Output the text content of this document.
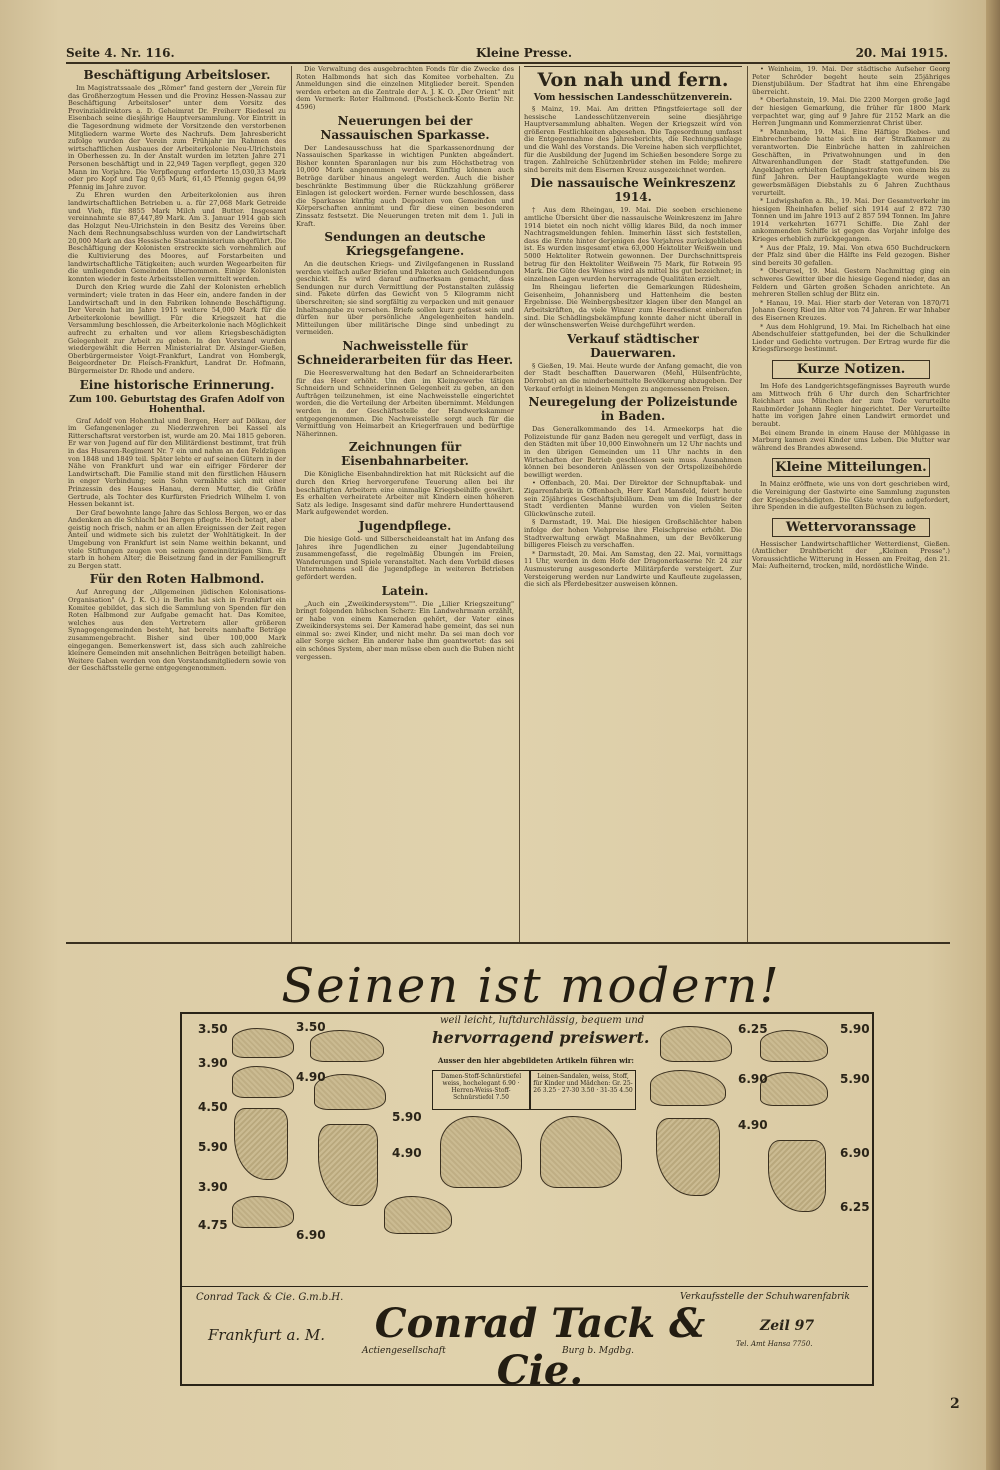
Seite 4. Nr. 116.	Kleine Presse.	20. Mai 1915.
Beschäftigung Arbeitsloser.
Im Magistratssaale des „Römer" fand gestern der „Verein für das Großherzogtum Hessen und die Provinz Hessen-Nassau zur Beschäftigung Arbeitsloser" unter dem Vorsitz des Provinzialdirektors a. D. Geheimrat Dr. Freiherr Riedesel zu Eisenbach seine diesjährige Hauptversammlung. Vor Eintritt in die Tagesordnung widmete der Vorsitzende den verstorbenen Mitgliedern warme Worte des Nachrufs. Dem Jahresbericht zufolge wurden der Verein zum Frühjahr im Rahmen des wirtschaftlichen Ausbaues der Arbeiterkolonie Neu-Ulrichstein in Oberhessen zu. In der Anstalt wurden im letzten Jahre 271 Personen beschäftigt und in 22,949 Tagen verpflegt, gegen 320 Mann im Vorjahre. Die Verpflegung erforderte 15,030,33 Mark oder pro Kopf und Tag 0,65 Mark, 61,45 Pfennig gegen 64,99 Pfennig im Jahre zuvor.
Zu Ehren wurden den Arbeiterkolonien aus ihren landwirtschaftlichen Betrieben u. a. für 27,068 Mark Getreide und Vieh, für 8855 Mark Milch und Butter. Insgesamt vereinnahmte sie 87,447,89 Mark. Am 3. Januar 1914 gab sich das Holzgut Neu-Ulrichstein in den Besitz des Vereins über. Nach dem Rechnungsabschluss wurden von der Landwirtschaft 20,000 Mark an das Hessische Staatsministerium abgeführt. Die Beschäftigung der Kolonisten erstreckte sich vornehmlich auf die Kultivierung des Moores, auf Forstarbeiten und landwirtschaftliche Tätigkeiten; auch wurden Wegearbeiten für die umliegenden Gemeinden übernommen. Einige Kolonisten konnten wieder in feste Arbeitsstellen vermittelt werden.
Durch den Krieg wurde die Zahl der Kolonisten erheblich vermindert; viele traten in das Heer ein, andere fanden in der Landwirtschaft und in den Fabriken lohnende Beschäftigung. Der Verein hat im Jahre 1915 weitere 54,000 Mark für die Arbeiterkolonie bewilligt. Für die Kriegszeit hat die Versammlung beschlossen, die Arbeiterkolonie nach Möglichkeit aufrecht zu erhalten und vor allem Kriegsbeschädigten Gelegenheit zur Arbeit zu geben. In den Vorstand wurden wiedergewählt die Herren Ministerialrat Dr. Alsinger-Gießen, Oberbürgermeister Voigt-Frankfurt, Landrat von Hombergk, Beigeordneter Dr. Fleisch-Frankfurt, Landrat Dr. Hofmann, Bürgermeister Dr. Rhode und andere.
Eine historische Erinnerung.
Zum 100. Geburtstag des Grafen Adolf von Hohenthal.
Graf Adolf von Hohenthal und Bergen, Herr auf Dölkau, der im Gefangenenlager zu Niederzwehren bei Kassel als Ritterschaftsrat verstorben ist, wurde am 20. Mai 1815 geboren. Er war von Jugend auf für den Militärdienst bestimmt, trat früh in das Husaren-Regiment Nr. 7 ein und nahm an den Feldzügen von 1848 und 1849 teil. Später lebte er auf seinen Gütern in der Nähe von Frankfurt und war ein eifriger Förderer der Landwirtschaft. Die Familie stand mit den fürstlichen Häusern in enger Verbindung; sein Sohn vermählte sich mit einer Prinzessin des Hauses Hanau, deren Mutter, die Gräfin Gertrude, als Tochter des Kurfürsten Friedrich Wilhelm I. von Hessen bekannt ist.
Der Graf bewohnte lange Jahre das Schloss Bergen, wo er das Andenken an die Schlacht bei Bergen pflegte. Hoch betagt, aber geistig noch frisch, nahm er an allen Ereignissen der Zeit regen Anteil und widmete sich bis zuletzt der Wohltätigkeit. In der Umgebung von Frankfurt ist sein Name weithin bekannt, und viele Stiftungen zeugen von seinem gemeinnützigen Sinn. Er starb in hohem Alter; die Beisetzung fand in der Familiengruft zu Bergen statt.
Für den Roten Halbmond.
Auf Anregung der „Allgemeinen jüdischen Kolonisations-Organisation" (A. J. K. O.) in Berlin hat sich in Frankfurt ein Komitee gebildet, das sich die Sammlung von Spenden für den Roten Halbmond zur Aufgabe gemacht hat. Das Komitee, welches aus den Vertretern aller größeren Synagogengemeinden besteht, hat bereits namhafte Beträge zusammengebracht. Bisher sind über 100,000 Mark eingegangen. Bemerkenswert ist, dass sich auch zahlreiche kleinere Gemeinden mit ansehnlichen Beiträgen beteiligt haben. Weitere Gaben werden von den Vorstandsmitgliedern sowie von der Geschäftsstelle gerne entgegengenommen.
Die Verwaltung des ausgebrachten Fonds für die Zwecke des Roten Halbmonds hat sich das Komitee vorbehalten. Zu Anmeldungen sind die einzelnen Mitglieder bereit. Spenden werden erbeten an die Zentrale der A. J. K. O. „Der Orient" mit dem Vermerk: Roter Halbmond. (Postscheck-Konto Berlin Nr. 4596)
Neuerungen bei der Nassauischen Sparkasse.
Der Landesausschuss hat die Sparkassenordnung der Nassauischen Sparkasse in wichtigen Punkten abgeändert. Bisher konnten Sparanlagen nur bis zum Höchstbetrag von 10,000 Mark angenommen werden. Künftig können auch Beträge darüber hinaus angelegt werden. Auch die bisher beschränkte Bestimmung über die Rückzahlung größerer Einlagen ist gelockert worden. Ferner wurde beschlossen, dass die Sparkasse künftig auch Depositen von Gemeinden und Körperschaften annimmt und für diese einen besonderen Zinssatz festsetzt. Die Neuerungen treten mit dem 1. Juli in Kraft.
Sendungen an deutsche Kriegsgefangene.
An die deutschen Kriegs- und Zivilgefangenen in Russland werden vielfach außer Briefen und Paketen auch Geldsendungen geschickt. Es wird darauf aufmerksam gemacht, dass Sendungen nur durch Vermittlung der Postanstalten zulässig sind. Pakete dürfen das Gewicht von 5 Kilogramm nicht überschreiten; sie sind sorgfältig zu verpacken und mit genauer Inhaltsangabe zu versehen. Briefe sollen kurz gefasst sein und dürfen nur über persönliche Angelegenheiten handeln. Mitteilungen über militärische Dinge sind unbedingt zu vermeiden.
Nachweisstelle für Schneiderarbeiten für das Heer.
Die Heeresverwaltung hat den Bedarf an Schneiderarbeiten für das Heer erhöht. Um den im Kleingewerbe tätigen Schneidern und Schneiderinnen Gelegenheit zu geben, an den Aufträgen teilzunehmen, ist eine Nachweisstelle eingerichtet worden, die die Verteilung der Arbeiten übernimmt. Meldungen werden in der Geschäftsstelle der Handwerkskammer entgegengenommen. Die Nachweisstelle sorgt auch für die Vermittlung von Heimarbeit an Kriegerfrauen und bedürftige Näherinnen.
Zeichnungen für Eisenbahnarbeiter.
Die Königliche Eisenbahndirektion hat mit Rücksicht auf die durch den Krieg hervorgerufene Teuerung allen bei ihr beschäftigten Arbeitern eine einmalige Kriegsbeihilfe gewährt. Es erhalten verheiratete Arbeiter mit Kindern einen höheren Satz als ledige. Insgesamt sind dafür mehrere Hunderttausend Mark aufgewendet worden.
Jugendpflege.
Die hiesige Gold- und Silberscheideanstalt hat im Anfang des Jahres ihre Jugendlichen zu einer Jugendabteilung zusammengefasst, die regelmäßig Übungen im Freien, Wanderungen und Spiele veranstaltet. Nach dem Vorbild dieses Unternehmens soll die Jugendpflege in weiteren Betrieben gefördert werden.
Latein.
„Auch ein „Zweikindersystem"". Die „Lilier Kriegszeitung" bringt folgenden hübschen Scherz: Ein Landwehrmann erzählt, er habe von einem Kameraden gehört, der Vater eines Zweikindersystems sei. Der Kamerad habe gemeint, das sei nun einmal so: zwei Kinder, und nicht mehr. Da sei man doch vor aller Sorge sicher. Ein anderer habe ihm geantwortet: das sei ein schönes System, aber man müsse eben auch die Buben nicht vergessen.
Von nah und fern.
Vom hessischen Landesschützenverein.
§ Mainz, 19. Mai. Am dritten Pfingstfeiertage soll der hessische Landesschützenverein seine diesjährige Hauptversammlung abhalten. Wegen der Kriegszeit wird von größeren Festlichkeiten abgesehen. Die Tagesordnung umfasst die Entgegennahme des Jahresberichts, die Rechnungsablage und die Wahl des Vorstands. Die Vereine haben sich verpflichtet, für die Ausbildung der Jugend im Schießen besondere Sorge zu tragen. Zahlreiche Schützenbrüder stehen im Felde; mehrere sind bereits mit dem Eisernen Kreuz ausgezeichnet worden.
Die nassauische Weinkreszenz 1914.
† Aus dem Rheingau, 19. Mai. Die soeben erschienene amtliche Übersicht über die nassauische Weinkreszenz im Jahre 1914 bietet ein noch nicht völlig klares Bild, da noch immer Nachtragsmeldungen fehlen. Immerhin lässt sich feststellen, dass die Ernte hinter derjenigen des Vorjahres zurückgeblieben ist. Es wurden insgesamt etwa 63,000 Hektoliter Weißwein und 5000 Hektoliter Rotwein gewonnen. Der Durchschnittspreis betrug für den Hektoliter Weißwein 75 Mark, für Rotwein 95 Mark. Die Güte des Weines wird als mittel bis gut bezeichnet; in einzelnen Lagen wurden hervorragende Qualitäten erzielt.
Im Rheingau lieferten die Gemarkungen Rüdesheim, Geisenheim, Johannisberg und Hattenheim die besten Ergebnisse. Die Weinbergsbesitzer klagen über den Mangel an Arbeitskräften, da viele Winzer zum Heeresdienst einberufen sind. Die Schädlingsbekämpfung konnte daher nicht überall in der wünschenswerten Weise durchgeführt werden.
Verkauf städtischer Dauerwaren.
§ Gießen, 19. Mai. Heute wurde der Anfang gemacht, die von der Stadt beschafften Dauerwaren (Mehl, Hülsenfrüchte, Dörrobst) an die minderbemittelte Bevölkerung abzugeben. Der Verkauf erfolgt in kleinen Mengen zu angemessenen Preisen.
Neuregelung der Polizeistunde in Baden.
Das Generalkommando des 14. Armeekorps hat die Polizeistunde für ganz Baden neu geregelt und verfügt, dass in den Städten mit über 10,000 Einwohnern um 12 Uhr nachts und in den übrigen Gemeinden um 11 Uhr nachts in den Wirtschaften der Betrieb geschlossen sein muss. Ausnahmen können bei besonderen Anlässen von der Ortspolizeibehörde bewilligt werden.
• Offenbach, 20. Mai. Der Direktor der Schnupftabak- und Zigarrenfabrik in Offenbach, Herr Karl Mansfeld, feiert heute sein 25jähriges Geschäftsjubiläum. Dem um die Industrie der Stadt verdienten Manne wurden von vielen Seiten Glückwünsche zuteil.
§ Darmstadt, 19. Mai. Die hiesigen Großschlächter haben infolge der hohen Viehpreise ihre Fleischpreise erhöht. Die Stadtverwaltung erwägt Maßnahmen, um der Bevölkerung billigeres Fleisch zu verschaffen.
* Darmstadt, 20. Mai. Am Samstag, den 22. Mai, vormittags 11 Uhr, werden in dem Hofe der Dragonerkaserne Nr. 24 zur Ausmusterung ausgesonderte Militärpferde versteigert. Zur Versteigerung werden nur Landwirte und Kaufleute zugelassen, die sich als Pferdebesitzer ausweisen können.
• Weinheim, 19. Mai. Der städtische Aufseher Georg Peter Schröder begeht heute sein 25jähriges Dienstjubiläum. Der Stadtrat hat ihm eine Ehrengabe überreicht.
* Oberlahnstein, 19. Mai. Die 2200 Morgen große Jagd der hiesigen Gemarkung, die früher für 1800 Mark verpachtet war, ging auf 9 Jahre für 2152 Mark an die Herren Jungmann und Kommerzienrat Christ über.
* Mannheim, 19. Mai. Eine Häftige Diebes- und Einbrecherbande hatte sich in der Strafkammer zu verantworten. Die Einbrüche hatten in zahlreichen Geschäften, in Privatwohnungen und in den Altwarenhandlungen der Stadt stattgefunden. Die Angeklagten erhielten Gefängnisstrafen von einem bis zu fünf Jahren. Der Hauptangeklagte wurde wegen gewerbsmäßigen Diebstahls zu 6 Jahren Zuchthaus verurteilt.
* Ludwigshafen a. Rh., 19. Mai. Der Gesamtverkehr im hiesigen Rheinhafen belief sich 1914 auf 2 872 730 Tonnen und im Jahre 1913 auf 2 857 594 Tonnen. Im Jahre 1914 verkehrten 16771 Schiffe. Die Zahl der ankommenden Schiffe ist gegen das Vorjahr infolge des Krieges erheblich zurückgegangen.
* Aus der Pfalz, 19. Mai. Von etwa 650 Buchdruckern der Pfalz sind über die Hälfte ins Feld gezogen. Bisher sind bereits 30 gefallen.
* Oberursel, 19. Mai. Gestern Nachmittag ging ein schweres Gewitter über die hiesige Gegend nieder, das an Feldern und Gärten großen Schaden anrichtete. An mehreren Stellen schlug der Blitz ein.
* Hanau, 19. Mai. Hier starb der Veteran von 1870/71 Johann Georg Ried im Alter von 74 Jahren. Er war Inhaber des Eisernen Kreuzes.
* Aus dem Hohlgrund, 19. Mai. Im Richelbach hat eine Abendschulfeier stattgefunden, bei der die Schulkinder Lieder und Gedichte vortrugen. Der Ertrag wurde für die Kriegsfürsorge bestimmt.
Kurze Notizen.
Im Hofe des Landgerichtsgefängnisses Bayreuth wurde am Mittwoch früh 6 Uhr durch den Scharfrichter Reichhart aus München der zum Tode verurteilte Raubmörder Johann Regler hingerichtet. Der Verurteilte hatte im vorigen Jahre einen Landwirt ermordet und beraubt.
Bei einem Brande in einem Hause der Mühlgasse in Marburg kamen zwei Kinder ums Leben. Die Mutter war während des Brandes abwesend.
Kleine Mitteilungen.
In Mainz eröffnete, wie uns von dort geschrieben wird, die Vereinigung der Gastwirte eine Sammlung zugunsten der Kriegsbeschädigten. Die Gäste wurden aufgefordert, ihre Spenden in die aufgestellten Büchsen zu legen.
Wettervoranssage
Hessischer Landwirtschaftlicher Wetterdienst, Gießen. (Amtlicher Drahtbericht der „Kleinen Presse".) Voraussichtliche Witterung in Hessen am Freitag, den 21. Mai: Aufheiternd, trocken, mild, nordöstliche Winde.
Seinen ist modern!
weil leicht, luftdurchlässig, bequem und
hervorragend preiswert.
Ausser den hier abgebildeten Artikeln führen wir:
Damen-Stoff-Schnürstiefel weiss, hochelegant 6.90 · Herren-Weiss-Stoff-Schnürstiefel 7.50
Leinen-Sandalen, weiss, Stoff, für Kinder und Mädchen: Gr. 25-26 3.25 · 27-30 3.50 · 31-35 4.50
3.50
3.90
4.50
5.90
3.90
4.75
3.50
4.90
5.90
4.90
6.90
6.25	5.90
6.90	5.90
4.90
6.90
6.25
Conrad Tack & Cie. G.m.b.H.
Frankfurt a. M.	Conrad Tack & Cie.
Actiengesellschaft	Burg b. Mgdbg.
Verkaufsstelle der Schuhwarenfabrik
Zeil 97
Tel. Amt Hansa 7750.
2
